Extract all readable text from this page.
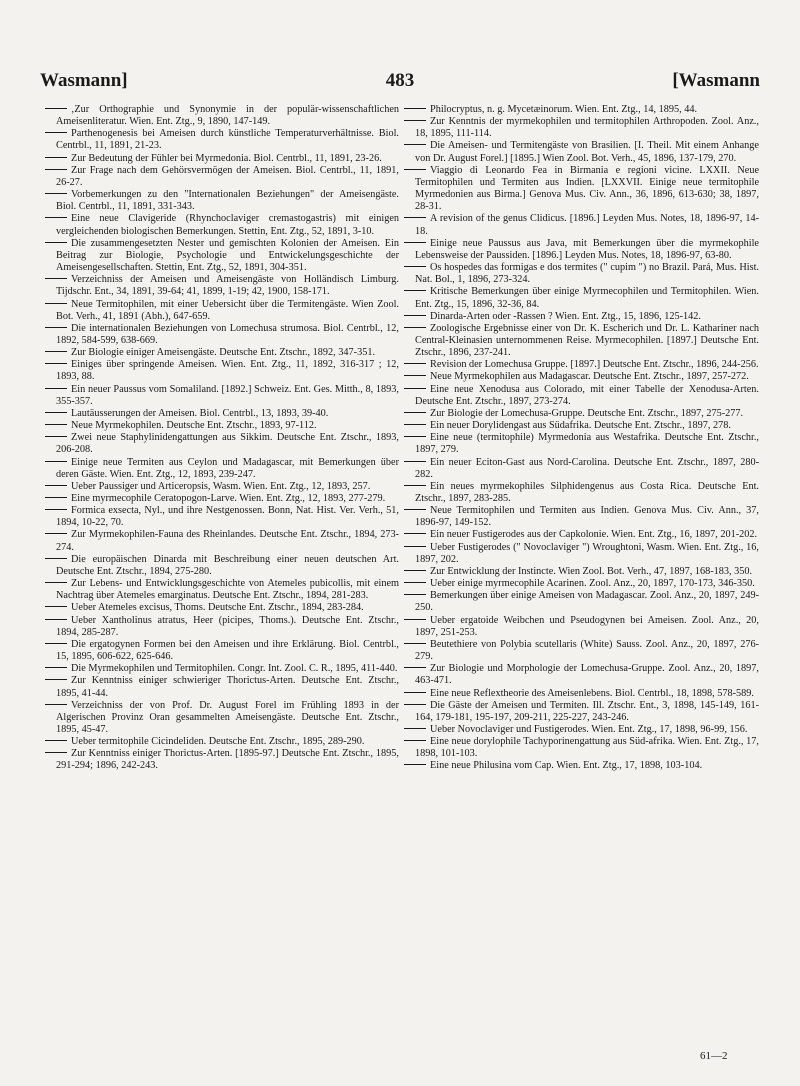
Wasmann]	483	[Wasmann

‚Zur Orthographie und Synonymie in der populär-wissenschaftlichen Ameisenliteratur. Wien. Ent. Ztg., 9, 1890, 147-149.

Parthenogenesis bei Ameisen durch künstliche Temperaturverhältnisse. Biol. Centrbl., 11, 1891, 21-23.

Zur Bedeutung der Fühler bei Myrmedonia. Biol. Centrbl., 11, 1891, 23-26.

Zur Frage nach dem Gehörsvermögen der Ameisen. Biol. Centrbl., 11, 1891, 26-27.

Vorbemerkungen zu den "Internationalen Beziehungen" der Ameisengäste. Biol. Centrbl., 11, 1891, 331-343.

Eine neue Clavigeride (Rhynchoclaviger cremastogastris) mit einigen vergleichenden biologischen Bemerkungen. Stettin, Ent. Ztg., 52, 1891, 3-10.

Die zusammengesetzten Nester und gemischten Kolonien der Ameisen. Ein Beitrag zur Biologie, Psychologie und Entwickelungsgeschichte der Ameisengesellschaften. Stettin, Ent. Ztg., 52, 1891, 304-351.

Verzeichniss der Ameisen und Ameisengäste von Holländisch Limburg. Tijdschr. Ent., 34, 1891, 39-64; 41, 1899, 1-19; 42, 1900, 158-171.

Neue Termitophilen, mit einer Uebersicht über die Termitengäste. Wien Zool. Bot. Verh., 41, 1891 (Abh.), 647-659.

Die internationalen Beziehungen von Lomechusa strumosa. Biol. Centrbl., 12, 1892, 584-599, 638-669.

Zur Biologie einiger Ameisengäste. Deutsche Ent. Ztschr., 1892, 347-351.

Einiges über springende Ameisen. Wien. Ent. Ztg., 11, 1892, 316-317 ; 12, 1893, 88.

Ein neuer Paussus vom Somaliland. [1892.] Schweiz. Ent. Ges. Mitth., 8, 1893, 355-357.

Lautäusserungen der Ameisen. Biol. Centrbl., 13, 1893, 39-40.

Neue Myrmekophilen. Deutsche Ent. Ztschr., 1893, 97-112.

Zwei neue Staphylinidengattungen aus Sikkim. Deutsche Ent. Ztschr., 1893, 206-208.

Einige neue Termiten aus Ceylon und Madagascar, mit Bemerkungen über deren Gäste. Wien. Ent. Ztg., 12, 1893, 239-247.

Ueber Paussiger und Articeropsis, Wasm. Wien. Ent. Ztg., 12, 1893, 257.

Eine myrmecophile Ceratopogon-Larve. Wien. Ent. Ztg., 12, 1893, 277-279.

Formica exsecta, Nyl., und ihre Nestgenossen. Bonn, Nat. Hist. Ver. Verh., 51, 1894, 10-22, 70.

Zur Myrmekophilen-Fauna des Rheinlandes. Deutsche Ent. Ztschr., 1894, 273-274.

Die europäischen Dinarda mit Beschreibung einer neuen deutschen Art. Deutsche Ent. Ztschr., 1894, 275-280.

Zur Lebens- und Entwicklungsgeschichte von Atemeles pubicollis, mit einem Nachtrag über Atemeles emarginatus. Deutsche Ent. Ztschr., 1894, 281-283.

Ueber Atemeles excisus, Thoms. Deutsche Ent. Ztschr., 1894, 283-284.

Ueber Xantholinus atratus, Heer (picipes, Thoms.). Deutsche Ent. Ztschr., 1894, 285-287.

Die ergatogynen Formen bei den Ameisen und ihre Erklärung. Biol. Centrbl., 15, 1895, 606-622, 625-646.

Die Myrmekophilen und Termitophilen. Congr. Int. Zool. C. R., 1895, 411-440.

Zur Kenntniss einiger schwieriger Thorictus-Arten. Deutsche Ent. Ztschr., 1895, 41-44.

Verzeichniss der von Prof. Dr. August Forel im Frühling 1893 in der Algerischen Provinz Oran gesammelten Ameisengäste. Deutsche Ent. Ztschr., 1895, 45-47.

Ueber termitophile Cicindeliden. Deutsche Ent. Ztschr., 1895, 289-290.

Zur Kenntniss einiger Thorictus-Arten. [1895-97.] Deutsche Ent. Ztschr., 1895, 291-294; 1896, 242-243.

Philocryptus, n. g. Mycetæinorum. Wien. Ent. Ztg., 14, 1895, 44.

Zur Kenntnis der myrmekophilen und termitophilen Arthropoden. Zool. Anz., 18, 1895, 111-114.

Die Ameisen- und Termitengäste von Brasilien. [I. Theil. Mit einem Anhange von Dr. August Forel.] [1895.] Wien Zool. Bot. Verh., 45, 1896, 137-179, 270.

Viaggio di Leonardo Fea in Birmania e regioni vicine. LXXII. Neue Termitophilen und Termiten aus Indien. [LXXVII. Einige neue termitophile Myrmedonien aus Birma.] Genova Mus. Civ. Ann., 36, 1896, 613-630; 38, 1897, 28-31.

A revision of the genus Clidicus. [1896.] Leyden Mus. Notes, 18, 1896-97, 14-18.

Einige neue Paussus aus Java, mit Bemerkungen über die myrmekophile Lebensweise der Paussiden. [1896.] Leyden Mus. Notes, 18, 1896-97, 63-80.

Os hospedes das formigas e dos termites (" cupim ") no Brazil. Pará, Mus. Hist. Nat. Bol., 1, 1896, 273-324.

Kritische Bemerkungen über einige Myrmecophilen und Termitophilen. Wien. Ent. Ztg., 15, 1896, 32-36, 84.

Dinarda-Arten oder -Rassen ? Wien. Ent. Ztg., 15, 1896, 125-142.

Zoologische Ergebnisse einer von Dr. K. Escherich und Dr. L. Kathariner nach Central-Kleinasien unternommenen Reise. Myrmecophilen. [1897.] Deutsche Ent. Ztschr., 1896, 237-241.

Revision der Lomechusa Gruppe. [1897.] Deutsche Ent. Ztschr., 1896, 244-256.

Neue Myrmekophilen aus Madagascar. Deutsche Ent. Ztschr., 1897, 257-272.

Eine neue Xenodusa aus Colorado, mit einer Tabelle der Xenodusa-Arten. Deutsche Ent. Ztschr., 1897, 273-274.

Zur Biologie der Lomechusa-Gruppe. Deutsche Ent. Ztschr., 1897, 275-277.

Ein neuer Dorylidengast aus Südafrika. Deutsche Ent. Ztschr., 1897, 278.

Eine neue (termitophile) Myrmedonia aus Westafrika. Deutsche Ent. Ztschr., 1897, 279.

Ein neuer Eciton-Gast aus Nord-Carolina. Deutsche Ent. Ztschr., 1897, 280-282.

Ein neues myrmekophiles Silphidengenus aus Costa Rica. Deutsche Ent. Ztschr., 1897, 283-285.

Neue Termitophilen und Termiten aus Indien. Genova Mus. Civ. Ann., 37, 1896-97, 149-152.

Ein neuer Fustigerodes aus der Capkolonie. Wien. Ent. Ztg., 16, 1897, 201-202.

Ueber Fustigerodes (" Novoclaviger ") Wroughtoni, Wasm. Wien. Ent. Ztg., 16, 1897, 202.

Zur Entwicklung der Instincte. Wien Zool. Bot. Verh., 47, 1897, 168-183, 350.

Ueber einige myrmecophile Acarinen. Zool. Anz., 20, 1897, 170-173, 346-350.

Bemerkungen über einige Ameisen von Madagascar. Zool. Anz., 20, 1897, 249-250.

Ueber ergatoide Weibchen und Pseudogynen bei Ameisen. Zool. Anz., 20, 1897, 251-253.

Beutethiere von Polybia scutellaris (White) Sauss. Zool. Anz., 20, 1897, 276-279.

Zur Biologie und Morphologie der Lomechusa-Gruppe. Zool. Anz., 20, 1897, 463-471.

Eine neue Reflextheorie des Ameisenlebens. Biol. Centrbl., 18, 1898, 578-589.

Die Gäste der Ameisen und Termiten. Ill. Ztschr. Ent., 3, 1898, 145-149, 161-164, 179-181, 195-197, 209-211, 225-227, 243-246.

Ueber Novoclaviger und Fustigerodes. Wien. Ent. Ztg., 17, 1898, 96-99, 156.

Eine neue dorylophile Tachyporinengattung aus Süd-afrika. Wien. Ent. Ztg., 17, 1898, 101-103.

Eine neue Philusina vom Cap. Wien. Ent. Ztg., 17, 1898, 103-104.

61—2
